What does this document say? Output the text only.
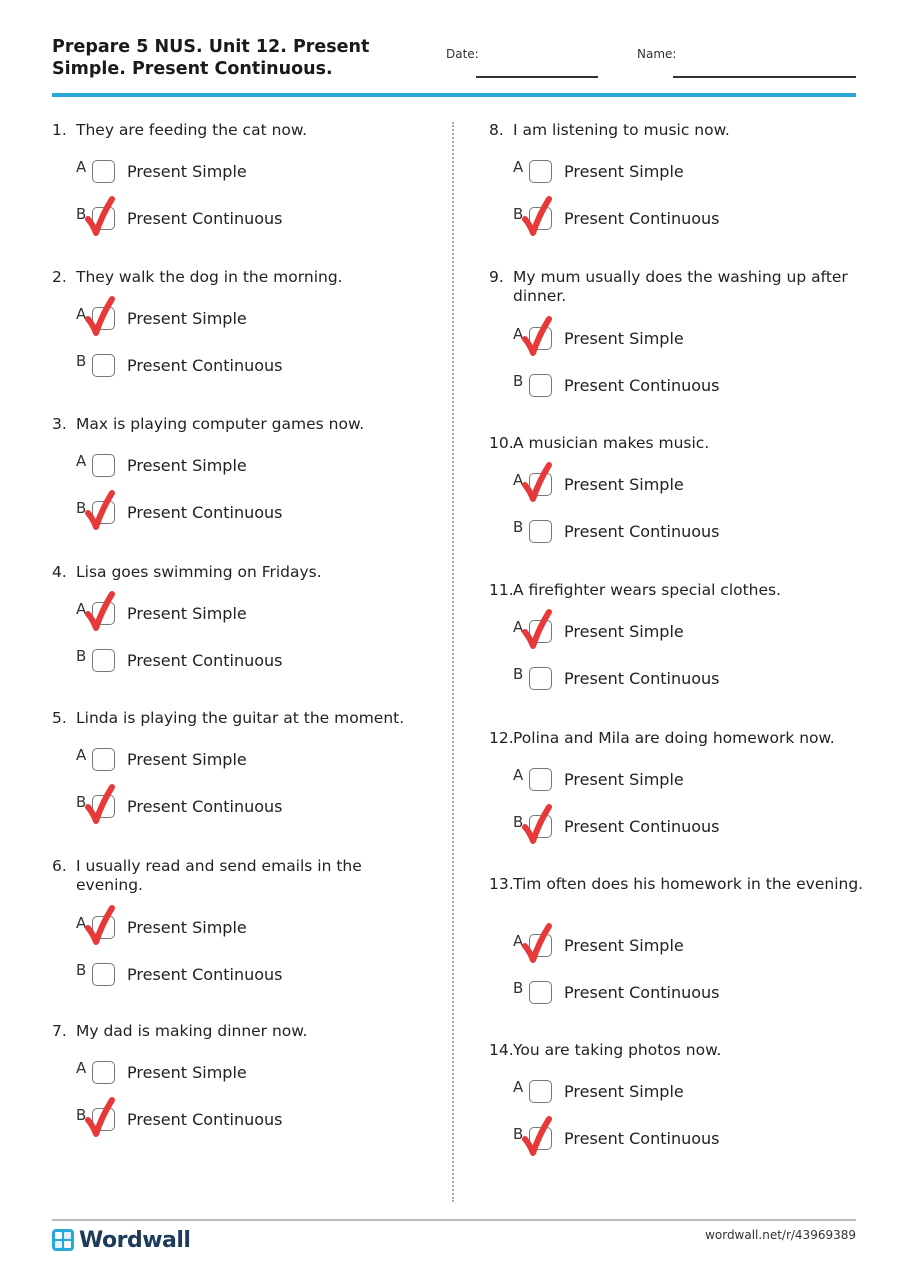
Prepare 5 NUS. Unit 12. Present Simple. Present Continuous.
Date:	Name:
1. They are feeding the cat now.
A	Present Simple
B	Present Continuous
2. They walk the dog in the morning.
A	Present Simple
B	Present Continuous
3. Max is playing computer games now.
A	Present Simple
B	Present Continuous
4. Lisa goes swimming on Fridays.
A	Present Simple
B	Present Continuous
5. Linda is playing the guitar at the moment.
A	Present Simple
B	Present Continuous
6. I usually read and send emails in the evening.
A	Present Simple
B	Present Continuous
7. My dad is making dinner now.
A	Present Simple
B	Present Continuous
8. I am listening to music now.
A	Present Simple
B	Present Continuous
9. My mum usually does the washing up after dinner.
A	Present Simple
B	Present Continuous
10. A musician makes music.
A	Present Simple
B	Present Continuous
11. A firefighter wears special clothes.
A	Present Simple
B	Present Continuous
12. Polina and Mila are doing homework now.
A	Present Simple
B	Present Continuous
13. Tim often does his homework in the evening.
A	Present Simple
B	Present Continuous
14. You are taking photos now.
A	Present Simple
B	Present Continuous
Wordwall	wordwall.net/r/43969389
